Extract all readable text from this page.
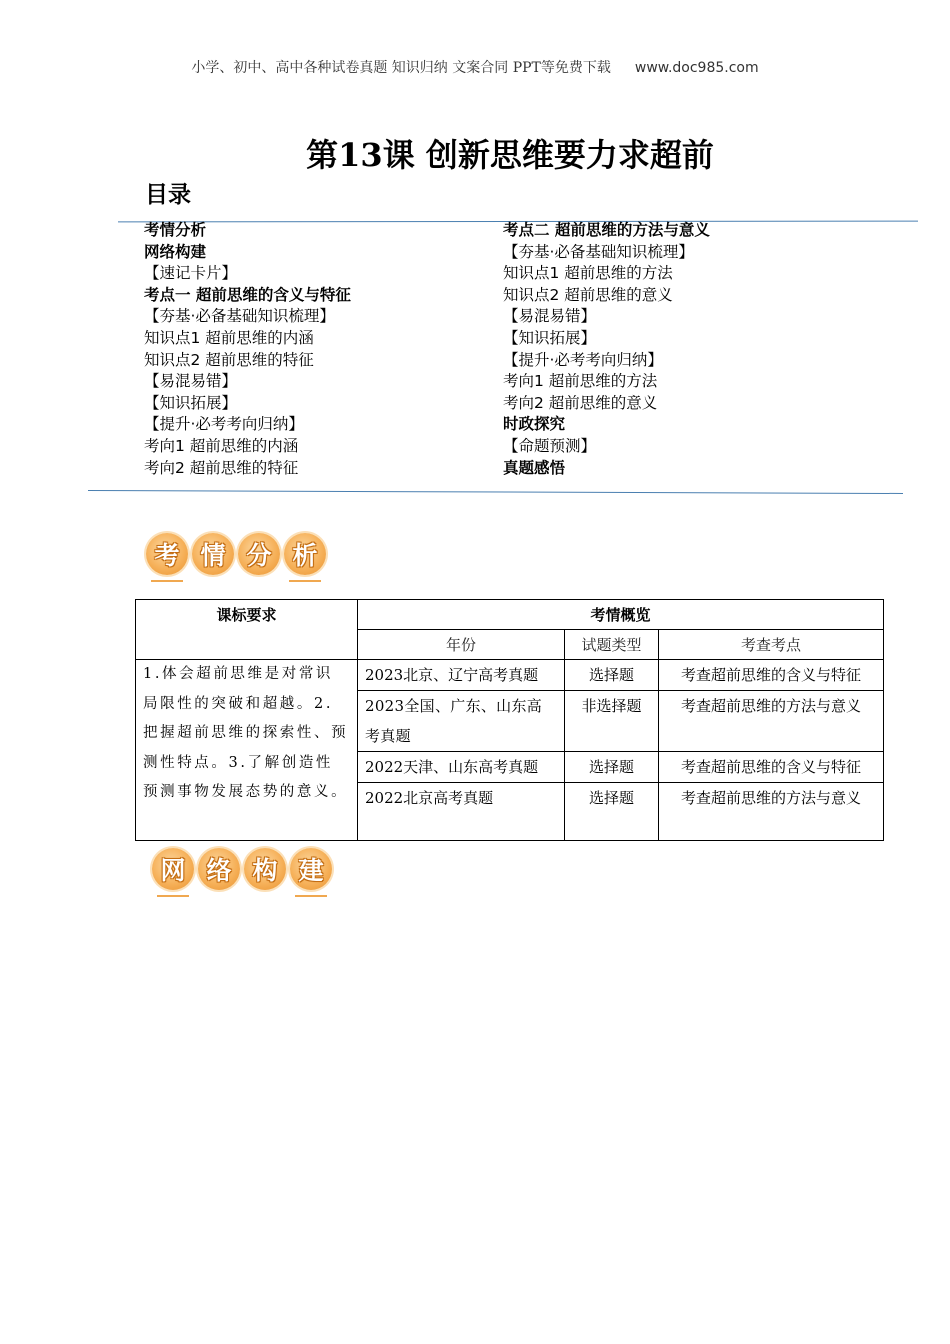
小学、初中、高中各种试卷真题 知识归纳 文案合同 PPT等免费下载 www.doc985.com
第13课 创新思维要力求超前
目录
考情分析
网络构建
【速记卡片】
考点一 超前思维的含义与特征
【夯基·必备基础知识梳理】
知识点1 超前思维的内涵
知识点2 超前思维的特征
【易混易错】
【知识拓展】
【提升·必考考向归纳】
考向1 超前思维的内涵
考向2 超前思维的特征
考点二 超前思维的方法与意义
【夯基·必备基础知识梳理】
知识点1 超前思维的方法
知识点2 超前思维的意义
【易混易错】
【知识拓展】
【提升·必考考向归纳】
考向1 超前思维的方法
考向2 超前思维的意义
时政探究
【命题预测】
真题感悟
考 情 分 析
课标要求	考情概览		
	年份	试题类型	考查考点
1.体会超前思维是对常识局限性的突破和超越。2.把握超前思维的探索性、预测性特点。3.了解创造性预测事物发展态势的意义。	2023北京、辽宁高考真题	选择题	考查超前思维的含义与特征
	2023全国、广东、山东高考真题	非选择题	考查超前思维的方法与意义
	2022天津、山东高考真题	选择题	考查超前思维的含义与特征
	2022北京高考真题	选择题	考查超前思维的方法与意义
网 络 构 建
